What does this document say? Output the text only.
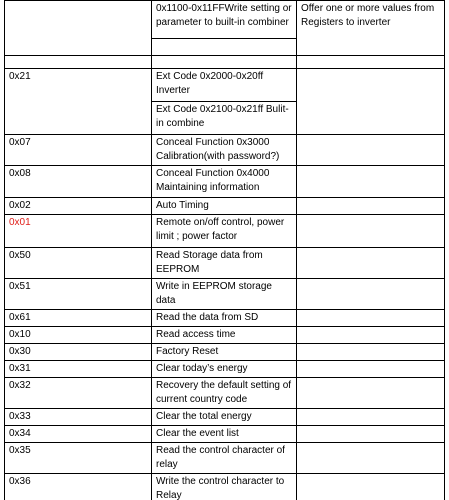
	0x1100-0x11FFWrite setting or parameter to built-in combiner	Offer one or more values from Registers to inverter

0x21	Ext Code 0x2000-0x20ff Inverter	
	Ext Code 0x2100-0x21ff Bulit-in combine	
0x07	Conceal Function 0x3000 Calibration(with password?)	
0x08	Conceal Function 0x4000 Maintaining information	
0x02	Auto Timing	
0x01	Remote on/off control, power limit ; power factor	
0x50	Read Storage data from EEPROM	
0x51	Write in EEPROM storage data	
0x61	Read the data from SD	
0x10	Read access time	
0x30	Factory Reset	
0x31	Clear today’s energy	
0x32	Recovery the default setting of current country code	
0x33	Clear the total energy	
0x34	Clear the event list	
0x35	Read the control character of relay	
0x36	Write the control character to Relay	
